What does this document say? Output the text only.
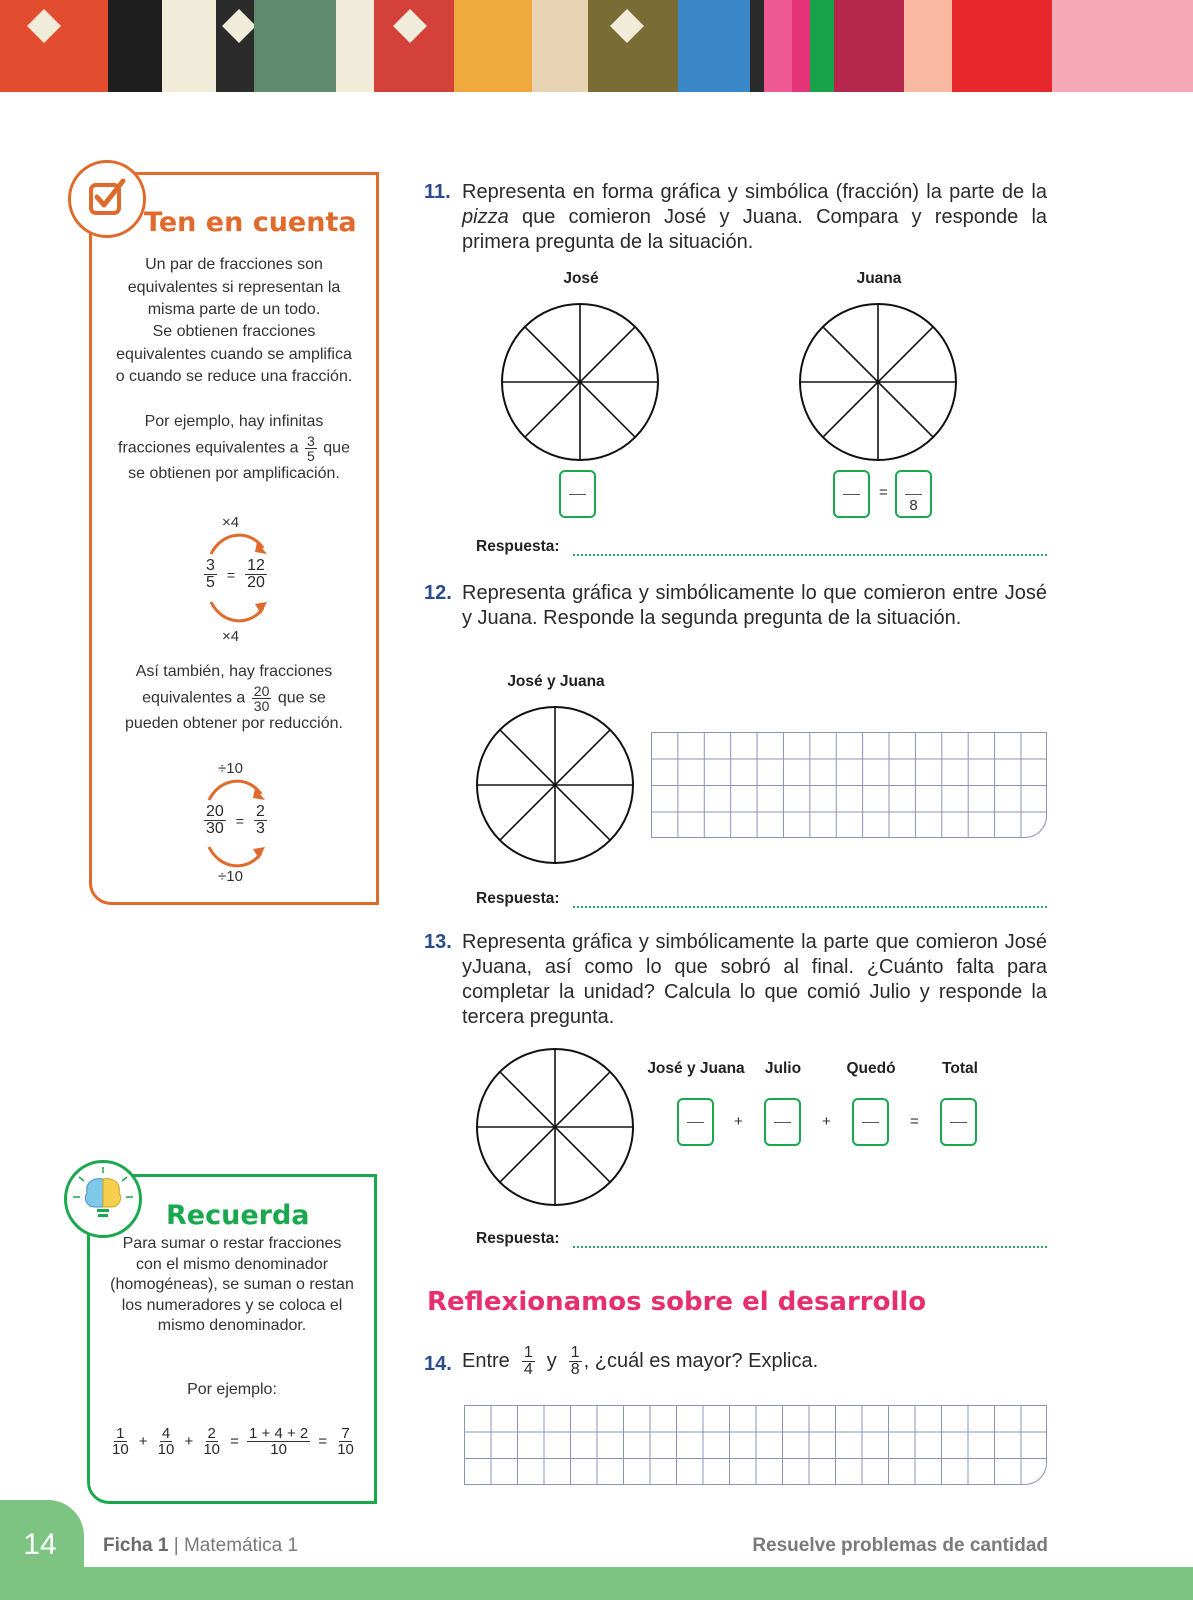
Ten en cuenta
Un par de fracciones son equivalentes si representan la misma parte de un todo.
Se obtienen fracciones equivalentes cuando se amplifica o cuando se reduce una fracción.
Por ejemplo, hay infinitas fracciones equivalentes a $\frac{3}{5}$ que se obtienen por amplificación.
×4
$\frac{3}{5} = \frac{12}{20}$
×4
Así también, hay fracciones equivalentes a $\frac{20}{30}$ que se pueden obtener por reducción.
÷10
$\frac{20}{30} = \frac{2}{3}$
÷10
Recuerda
Para sumar o restar fracciones con el mismo denominador (homogéneas), se suman o restan los numeradores y se coloca el mismo denominador.
Por ejemplo:
$\frac{1}{10} + \frac{4}{10} + \frac{2}{10} = \frac{1 + 4 + 2}{10} = \frac{7}{10}$
11. Representa en forma gráfica y simbólica (fracción) la parte de la pizza que comieron José y Juana. Compara y responde la primera pregunta de la situación.
José	Juana
=
8
Respuesta:
12. Representa gráfica y simbólicamente lo que comieron entre José y Juana. Responde la segunda pregunta de la situación.
José y Juana
Respuesta:
13. Representa gráfica y simbólicamente la parte que comieron José yJuana, así como lo que sobró al final. ¿Cuánto falta para completar la unidad? Calcula lo que comió Julio y responde la tercera pregunta.
José y Juana	Julio	Quedó	Total
+	+	=
Respuesta:
Reflexionamos sobre el desarrollo
14. Entre $\frac{1}{4}$ y $\frac{1}{8}$ , ¿cuál es mayor? Explica.
14	Ficha 1 | Matemática 1	Resuelve problemas de cantidad
